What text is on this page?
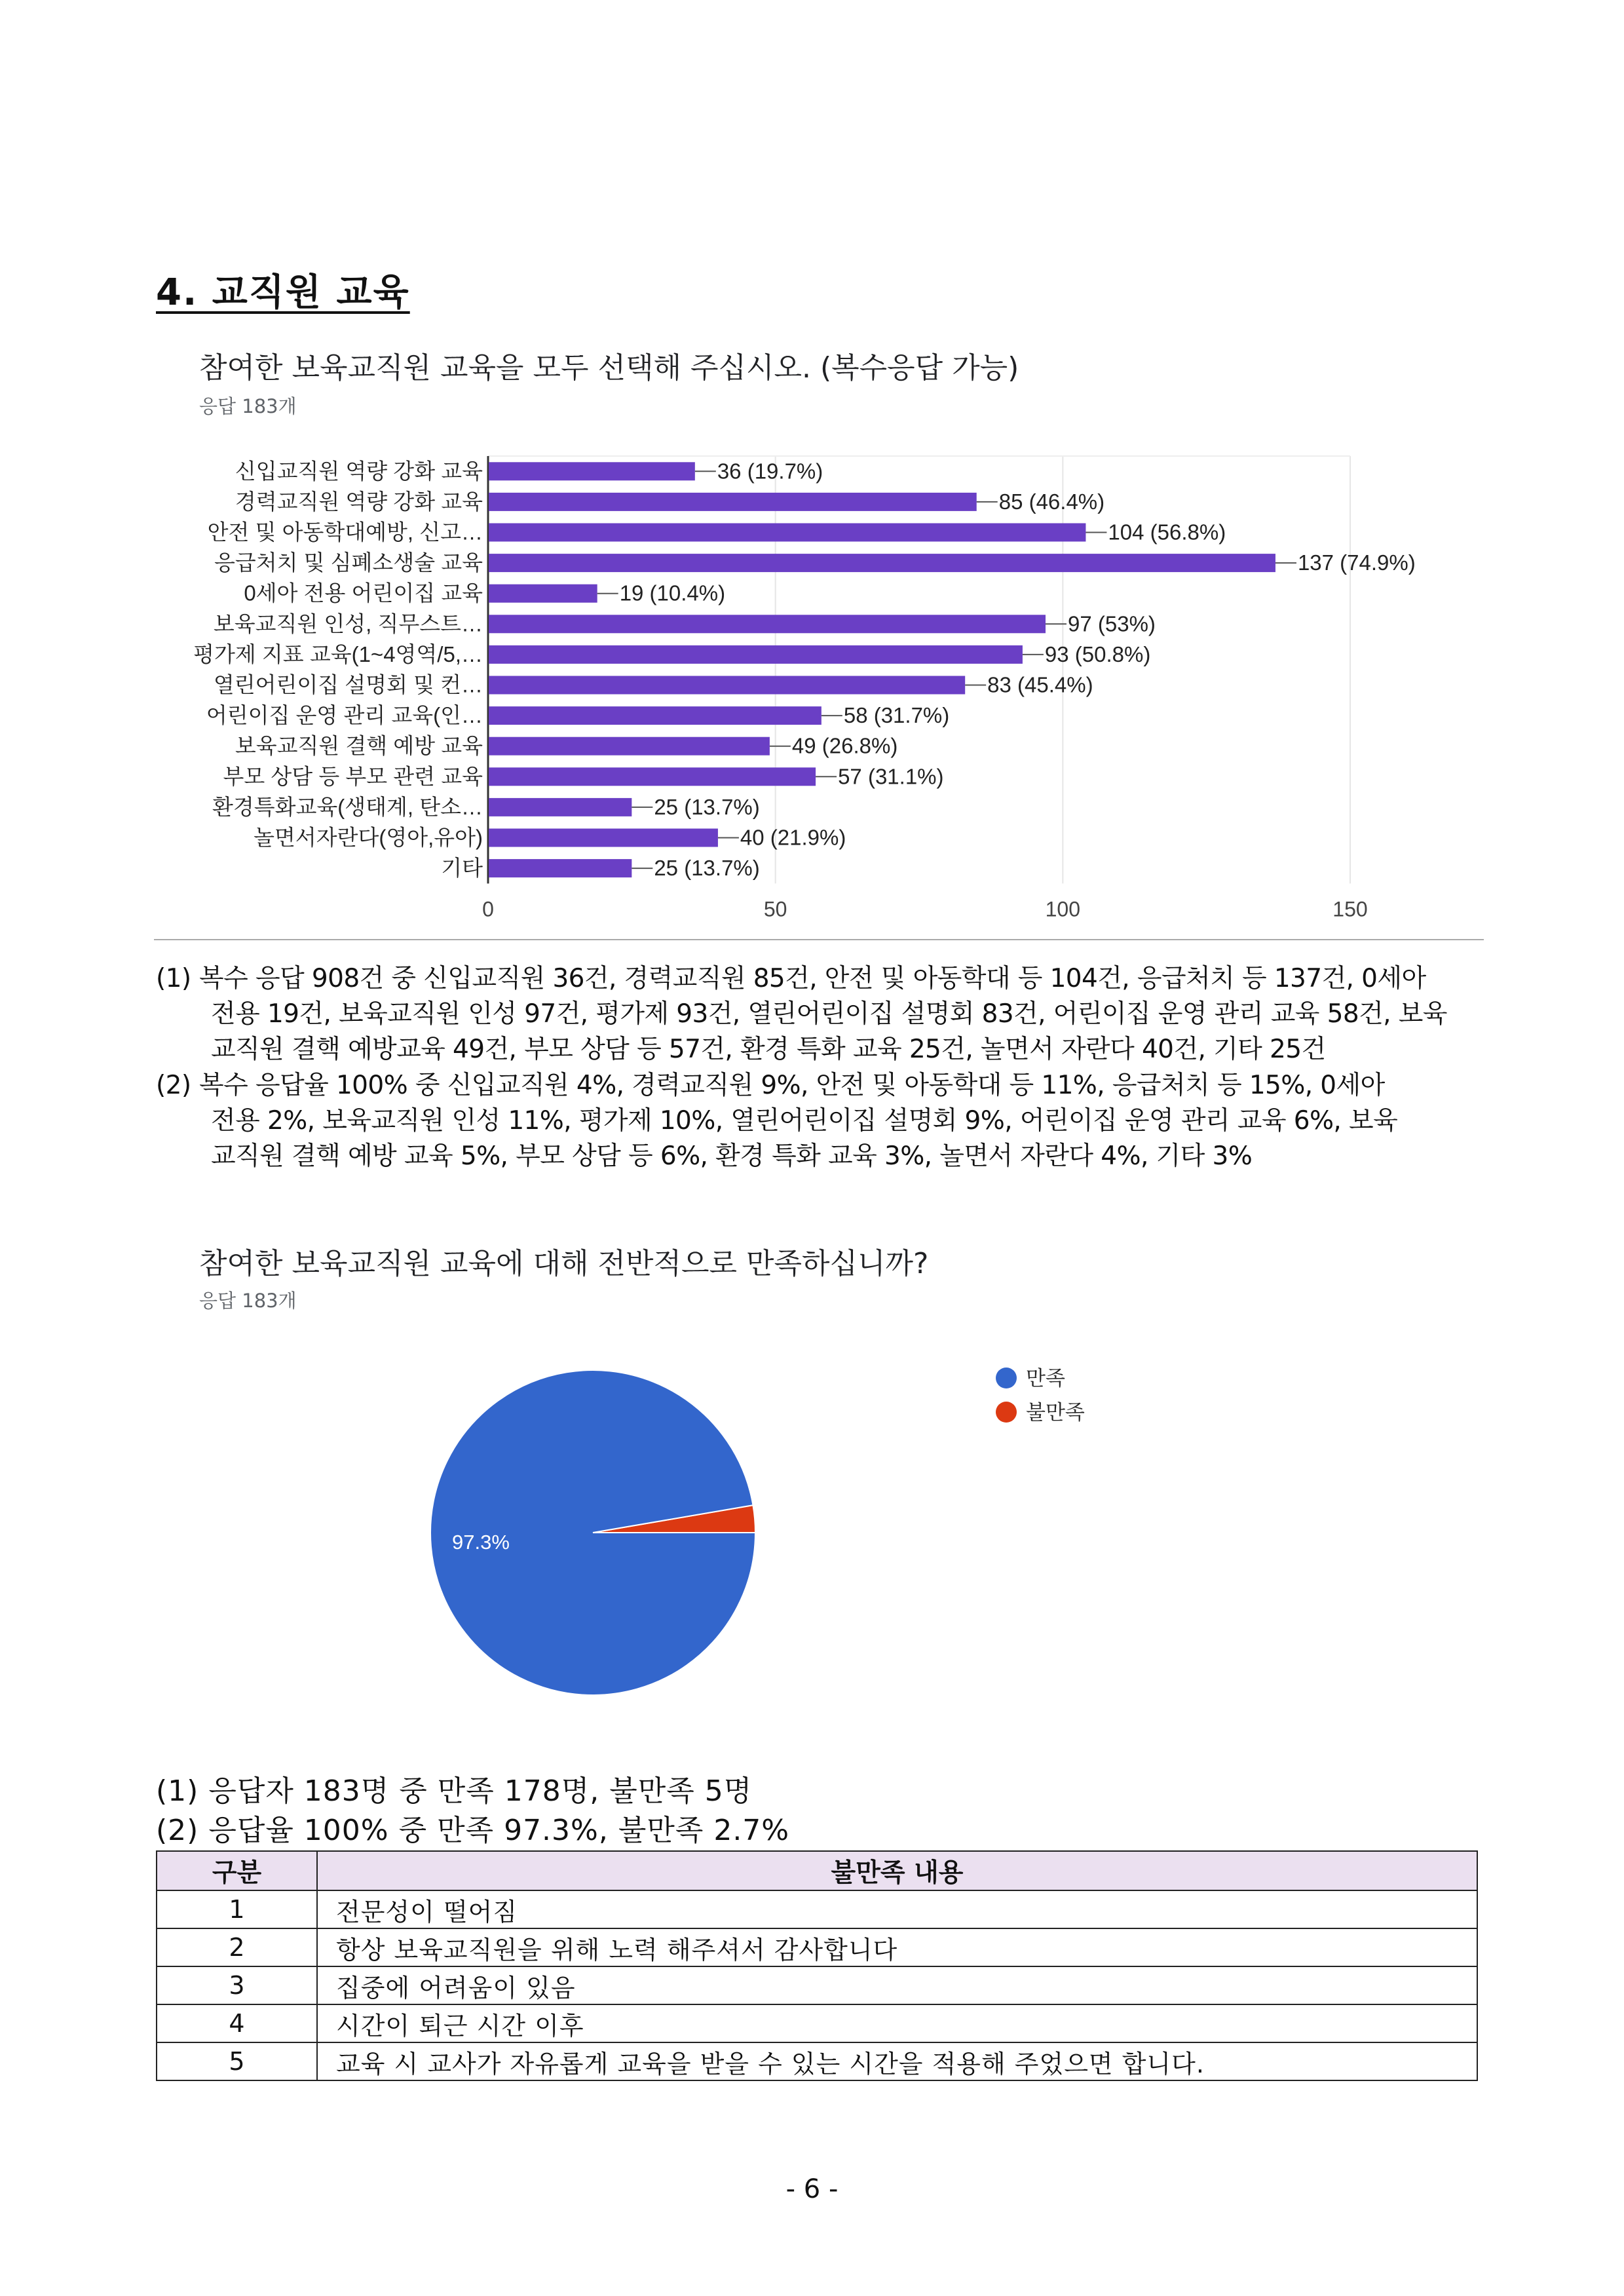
4. 교직원 교육
참여한 보육교직원 교육을 모두 선택해 주십시오. (복수응답 가능)
응답 183개
신입교직원 역량 강화 교육	36 (19.7%)
경력교직원 역량 강화 교육	85 (46.4%)
안전 및 아동학대예방, 신고…	104 (56.8%)
응급처치 및 심폐소생술 교육	137 (74.9%)
0세아 전용 어린이집 교육	19 (10.4%)
보육교직원 인성, 직무스트…	97 (53%)
평가제 지표 교육(1~4영역/5,…	93 (50.8%)
열린어린이집 설명회 및 컨…	83 (45.4%)
어린이집 운영 관리 교육(인…	58 (31.7%)
보육교직원 결핵 예방 교육	49 (26.8%)
부모 상담 등 부모 관련 교육	57 (31.1%)
환경특화교육(생태계, 탄소…	25 (13.7%)
놀면서자란다(영아,유아)	40 (21.9%)
기타	25 (13.7%)
0	50	100	150
(1) 복수 응답 908건 중 신입교직원 36건, 경력교직원 85건, 안전 및 아동학대 등 104건, 응급처치 등 137건, 0세아
전용 19건, 보육교직원 인성 97건, 평가제 93건, 열린어린이집 설명회 83건, 어린이집 운영 관리 교육 58건, 보육
교직원 결핵 예방교육 49건, 부모 상담 등 57건, 환경 특화 교육 25건, 놀면서 자란다 40건, 기타 25건
(2) 복수 응답율 100% 중 신입교직원 4%, 경력교직원 9%, 안전 및 아동학대 등 11%, 응급처치 등 15%, 0세아
전용 2%, 보육교직원 인성 11%, 평가제 10%, 열린어린이집 설명회 9%, 어린이집 운영 관리 교육 6%, 보육
교직원 결핵 예방 교육 5%, 부모 상담 등 6%, 환경 특화 교육 3%, 놀면서 자란다 4%, 기타 3%
참여한 보육교직원 교육에 대해 전반적으로 만족하십니까?
응답 183개
97.3%
만족
불만족
(1) 응답자 183명 중 만족 178명, 불만족 5명
(2) 응답율 100% 중 만족 97.3%, 불만족 2.7%
구분	불만족 내용
1	전문성이 떨어짐
2	항상 보육교직원을 위해 노력 해주셔서 감사합니다
3	집중에 어려움이 있음
4	시간이 퇴근 시간 이후
5	교육 시 교사가 자유롭게 교육을 받을 수 있는 시간을 적용해 주었으면 합니다.
- 6 -
